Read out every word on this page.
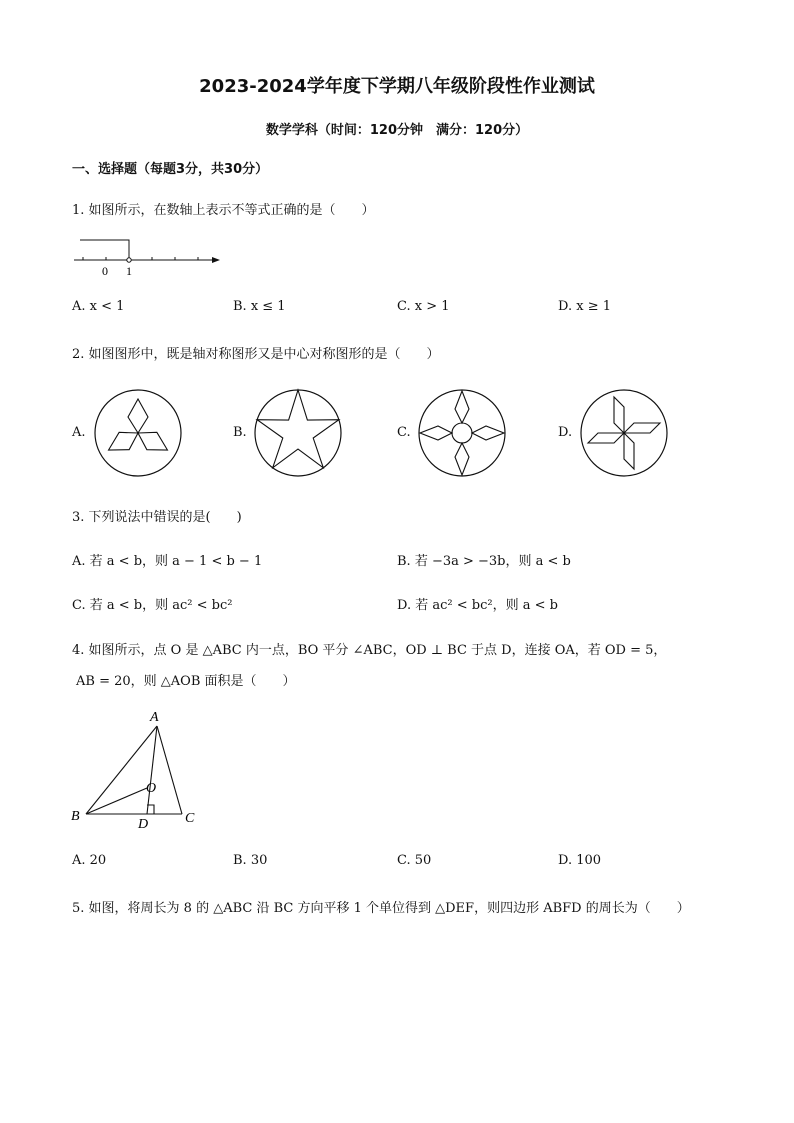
2023-2024学年度下学期八年级阶段性作业测试
数学学科（时间：120分钟　满分：120分）
一、选择题（每题3分，共30分）
1. 如图所示，在数轴上表示不等式正确的是（　　）
0 1
A. x < 1	B. x ≤ 1	C. x > 1	D. x ≥ 1
2. 如图图形中，既是轴对称图形又是中心对称图形的是（　　）
A.	B.	C.	D.
3. 下列说法中错误的是(　　)
A. 若 a < b，则 a − 1 < b − 1	B. 若 −3a > −3b，则 a < b
C. 若 a < b，则 ac² < bc²	D. 若 ac² < bc²，则 a < b
4. 如图所示，点 O 是 △ABC 内一点，BO 平分 ∠ABC，OD ⊥ BC 于点 D，连接 OA，若 OD = 5，
AB = 20，则 △AOB 面积是（　　）
A
O
B
D	C
A. 20	B. 30	C. 50	D. 100
5. 如图，将周长为 8 的 △ABC 沿 BC 方向平移 1 个单位得到 △DEF，则四边形 ABFD 的周长为（　　）
